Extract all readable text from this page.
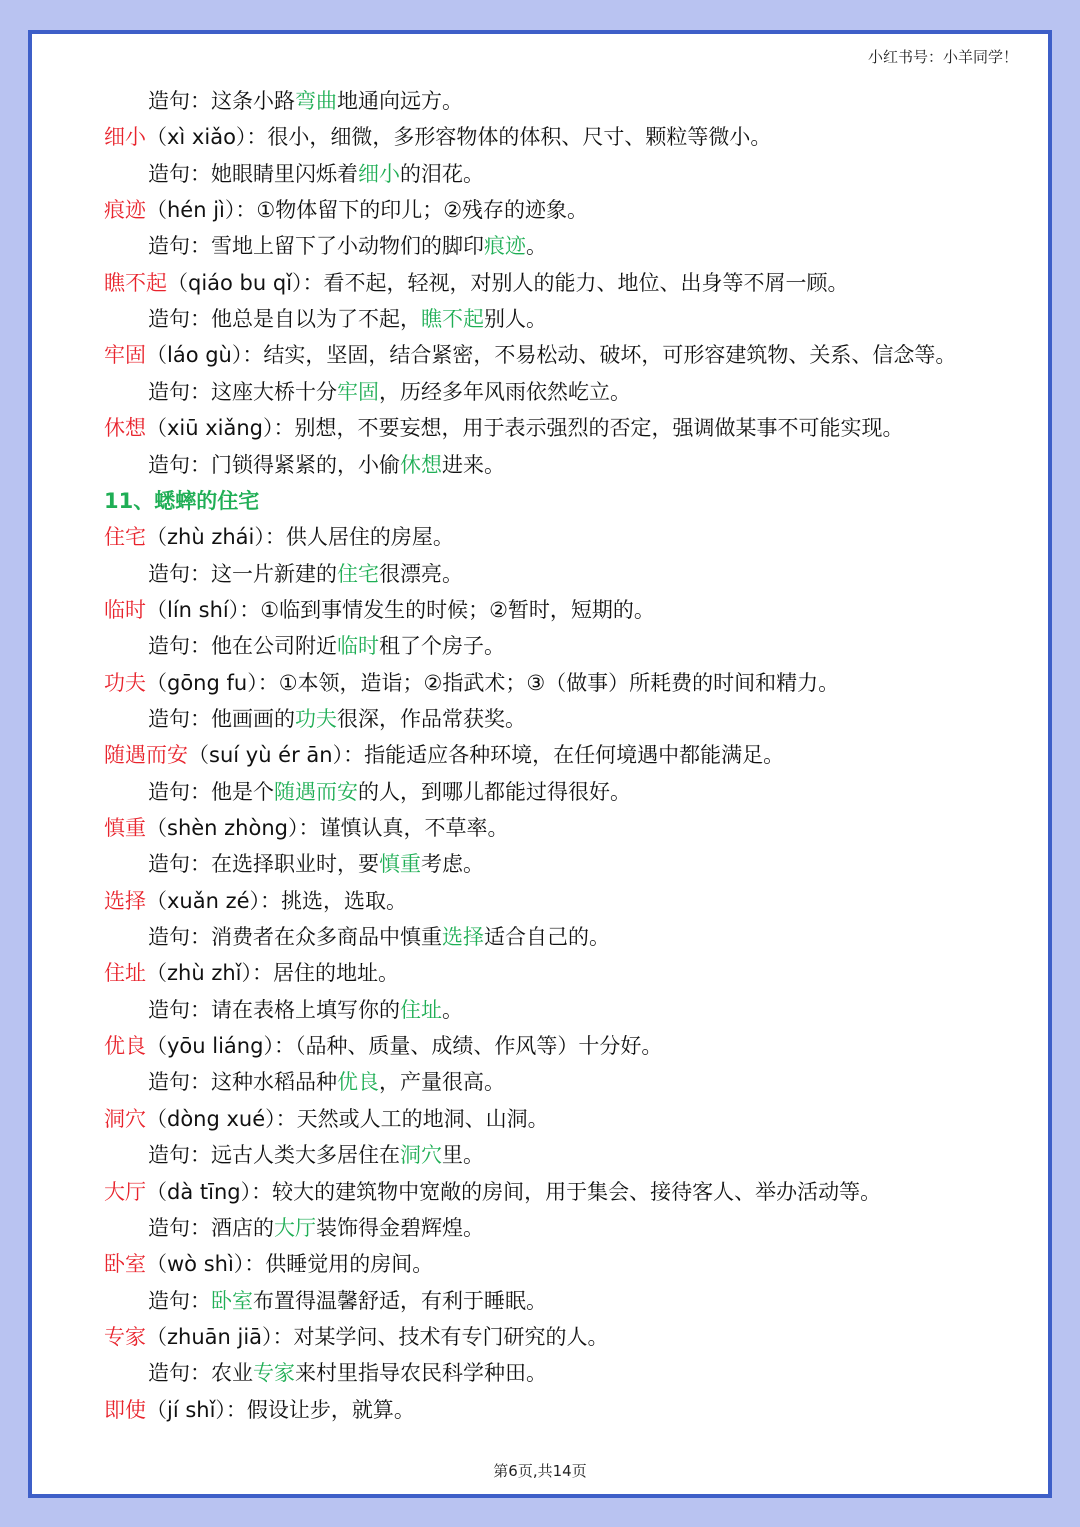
小红书号：小羊同学！
造句：这条小路弯曲地通向远方。
细小（xì xiǎo）：很小，细微，多形容物体的体积、尺寸、颗粒等微小。
造句：她眼睛里闪烁着细小的泪花。
痕迹（hén jì）：①物体留下的印儿；②残存的迹象。
造句：雪地上留下了小动物们的脚印痕迹。
瞧不起（qiáo bu qǐ）：看不起，轻视，对别人的能力、地位、出身等不屑一顾。
造句：他总是自以为了不起，瞧不起别人。
牢固（láo gù）：结实，坚固，结合紧密，不易松动、破坏，可形容建筑物、关系、信念等。
造句：这座大桥十分牢固，历经多年风雨依然屹立。
休想（xiū xiǎng）：别想，不要妄想，用于表示强烈的否定，强调做某事不可能实现。
造句：门锁得紧紧的，小偷休想进来。
11、蟋蟀的住宅
住宅（zhù zhái）：供人居住的房屋。
造句：这一片新建的住宅很漂亮。
临时（lín shí）：①临到事情发生的时候；②暂时，短期的。
造句：他在公司附近临时租了个房子。
功夫（gōng fu）：①本领，造诣；②指武术；③（做事）所耗费的时间和精力。
造句：他画画的功夫很深，作品常获奖。
随遇而安（suí yù ér ān）：指能适应各种环境，在任何境遇中都能满足。
造句：他是个随遇而安的人，到哪儿都能过得很好。
慎重（shèn zhòng）：谨慎认真，不草率。
造句：在选择职业时，要慎重考虑。
选择（xuǎn zé）：挑选，选取。
造句：消费者在众多商品中慎重选择适合自己的。
住址（zhù zhǐ）：居住的地址。
造句：请在表格上填写你的住址。
优良（yōu liáng）：（品种、质量、成绩、作风等）十分好。
造句：这种水稻品种优良，产量很高。
洞穴（dòng xué）：天然或人工的地洞、山洞。
造句：远古人类大多居住在洞穴里。
大厅（dà tīng）：较大的建筑物中宽敞的房间，用于集会、接待客人、举办活动等。
造句：酒店的大厅装饰得金碧辉煌。
卧室（wò shì）：供睡觉用的房间。
造句：卧室布置得温馨舒适，有利于睡眠。
专家（zhuān jiā）：对某学问、技术有专门研究的人。
造句：农业专家来村里指导农民科学种田。
即使（jí shǐ）：假设让步，就算。
第6页,共14页
